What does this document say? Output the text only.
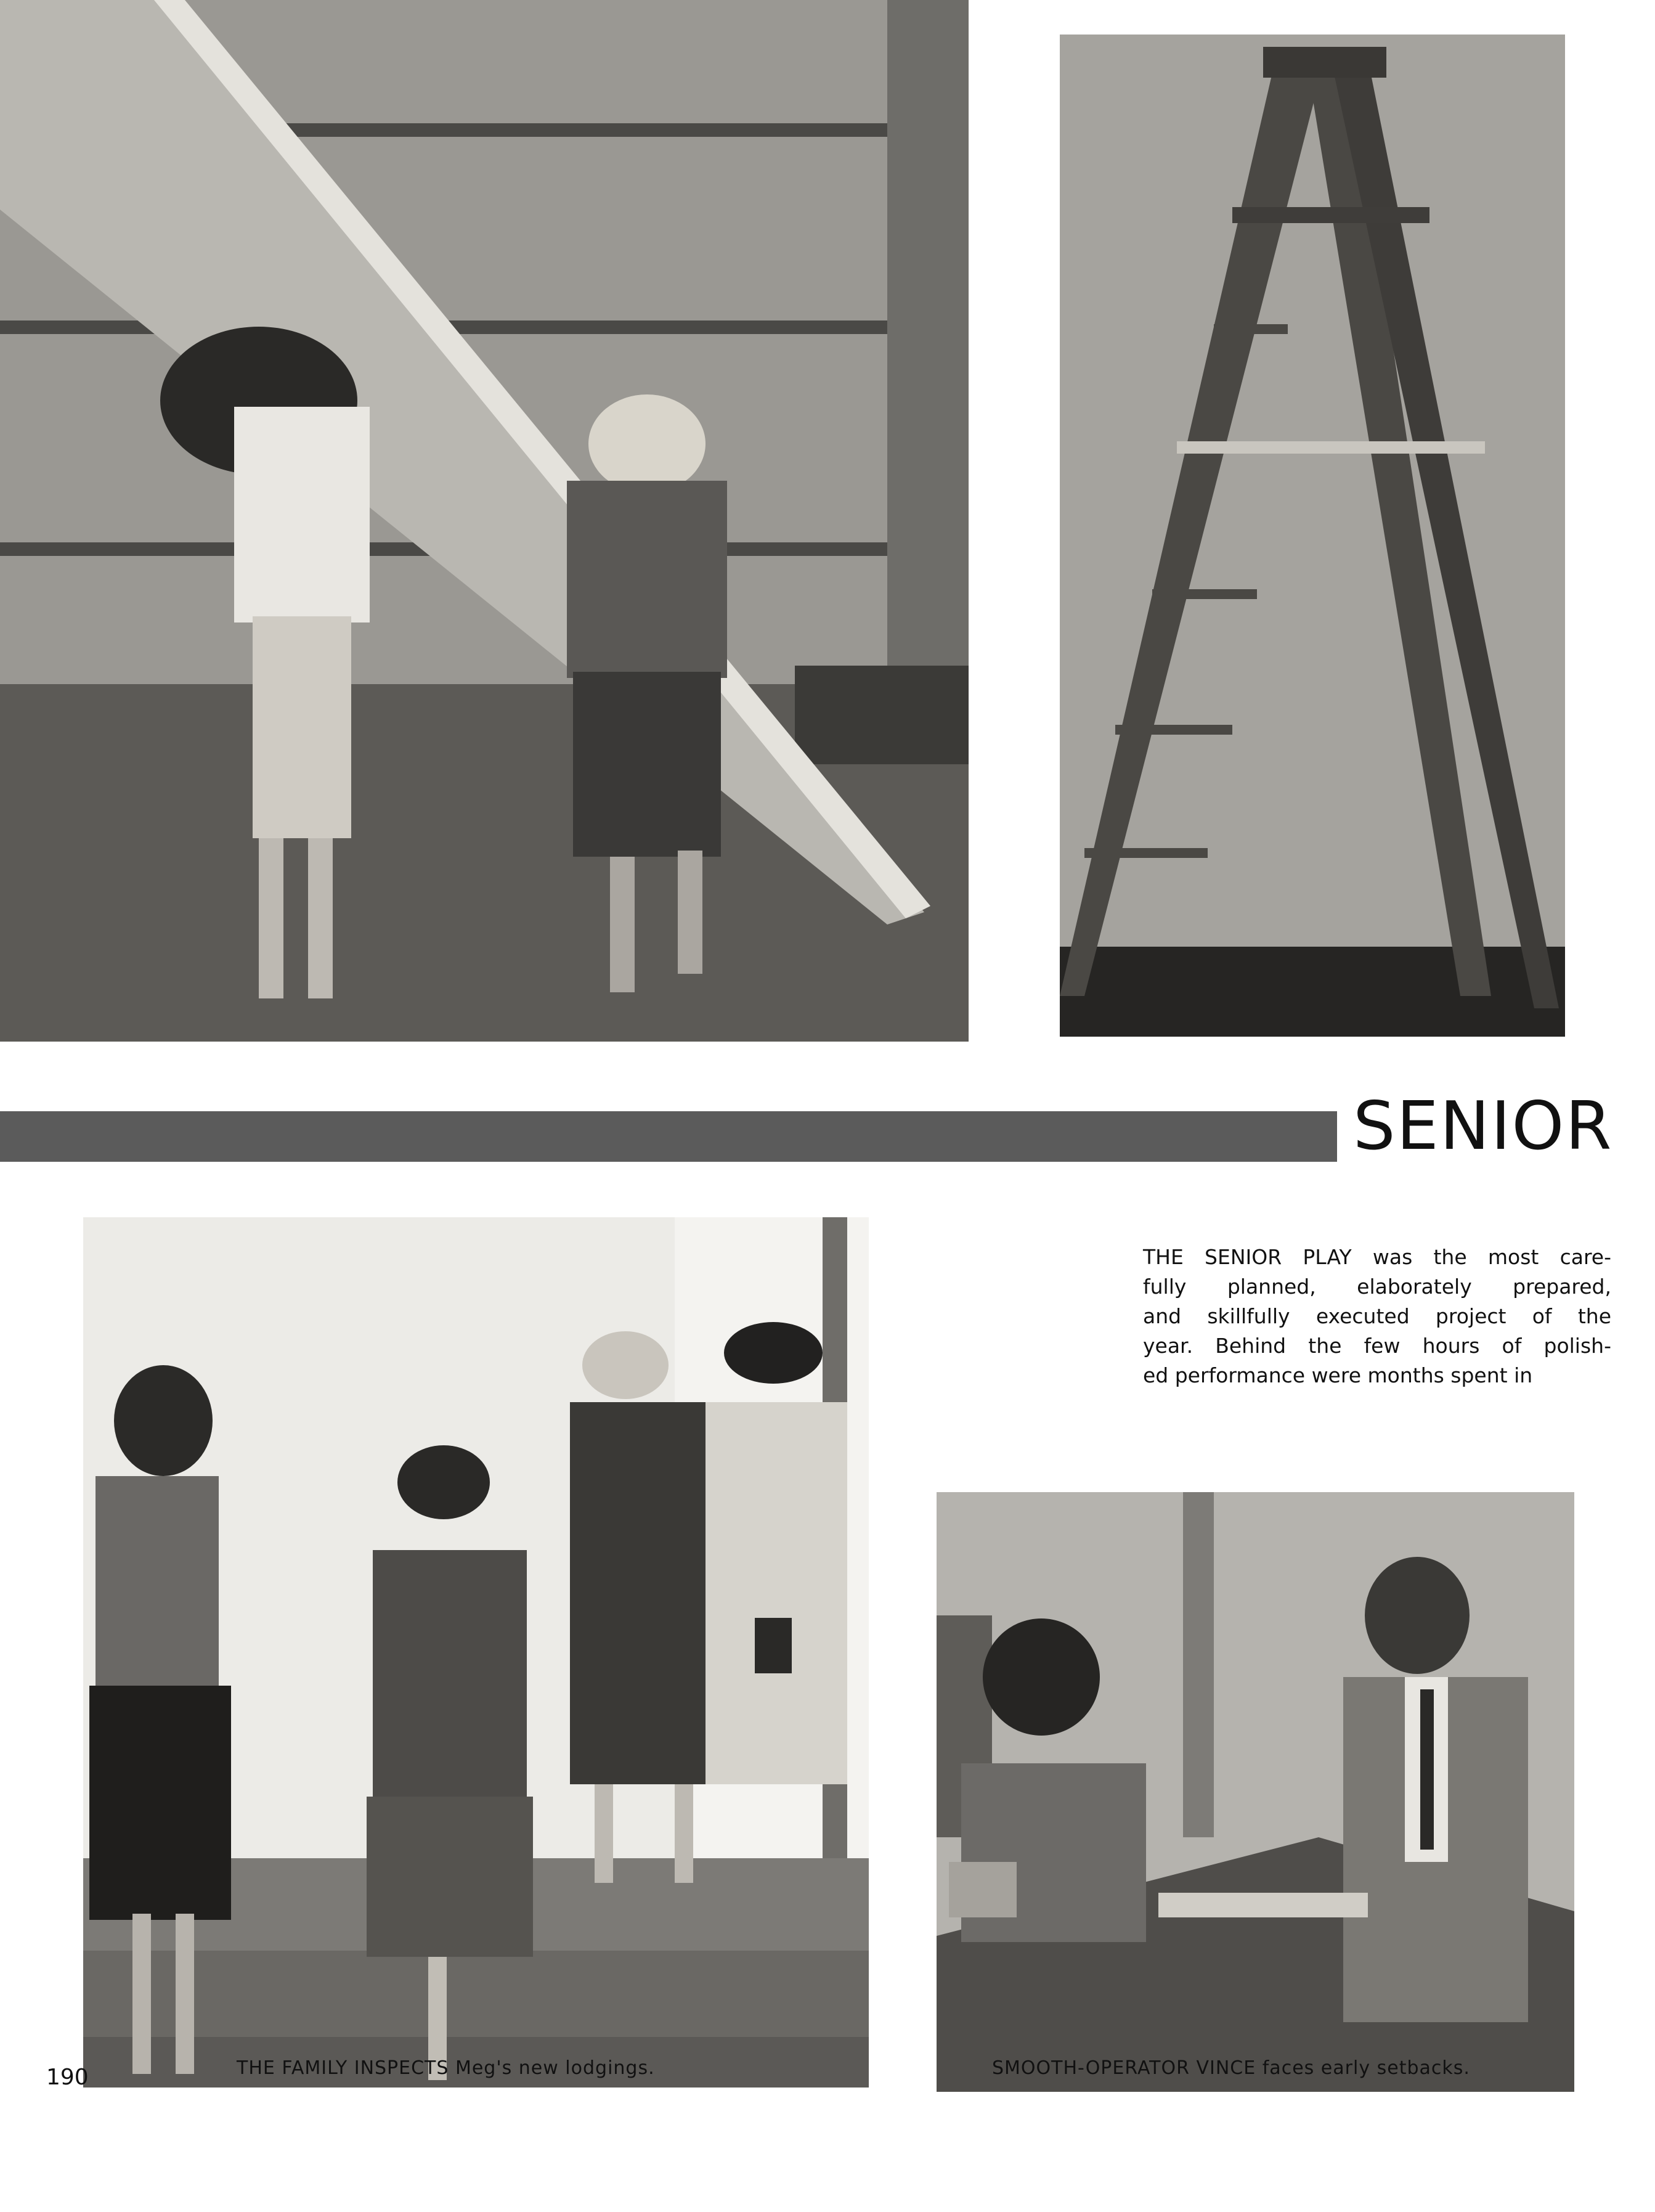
SENIOR

THE SENIOR PLAY was the most care-
fully planned, elaborately prepared,
and skillfully executed project of the
year. Behind the few hours of polish-
ed performance were months spent in

190	THE FAMILY INSPECTS Meg's new lodgings.	SMOOTH-OPERATOR VINCE faces early setbacks.
